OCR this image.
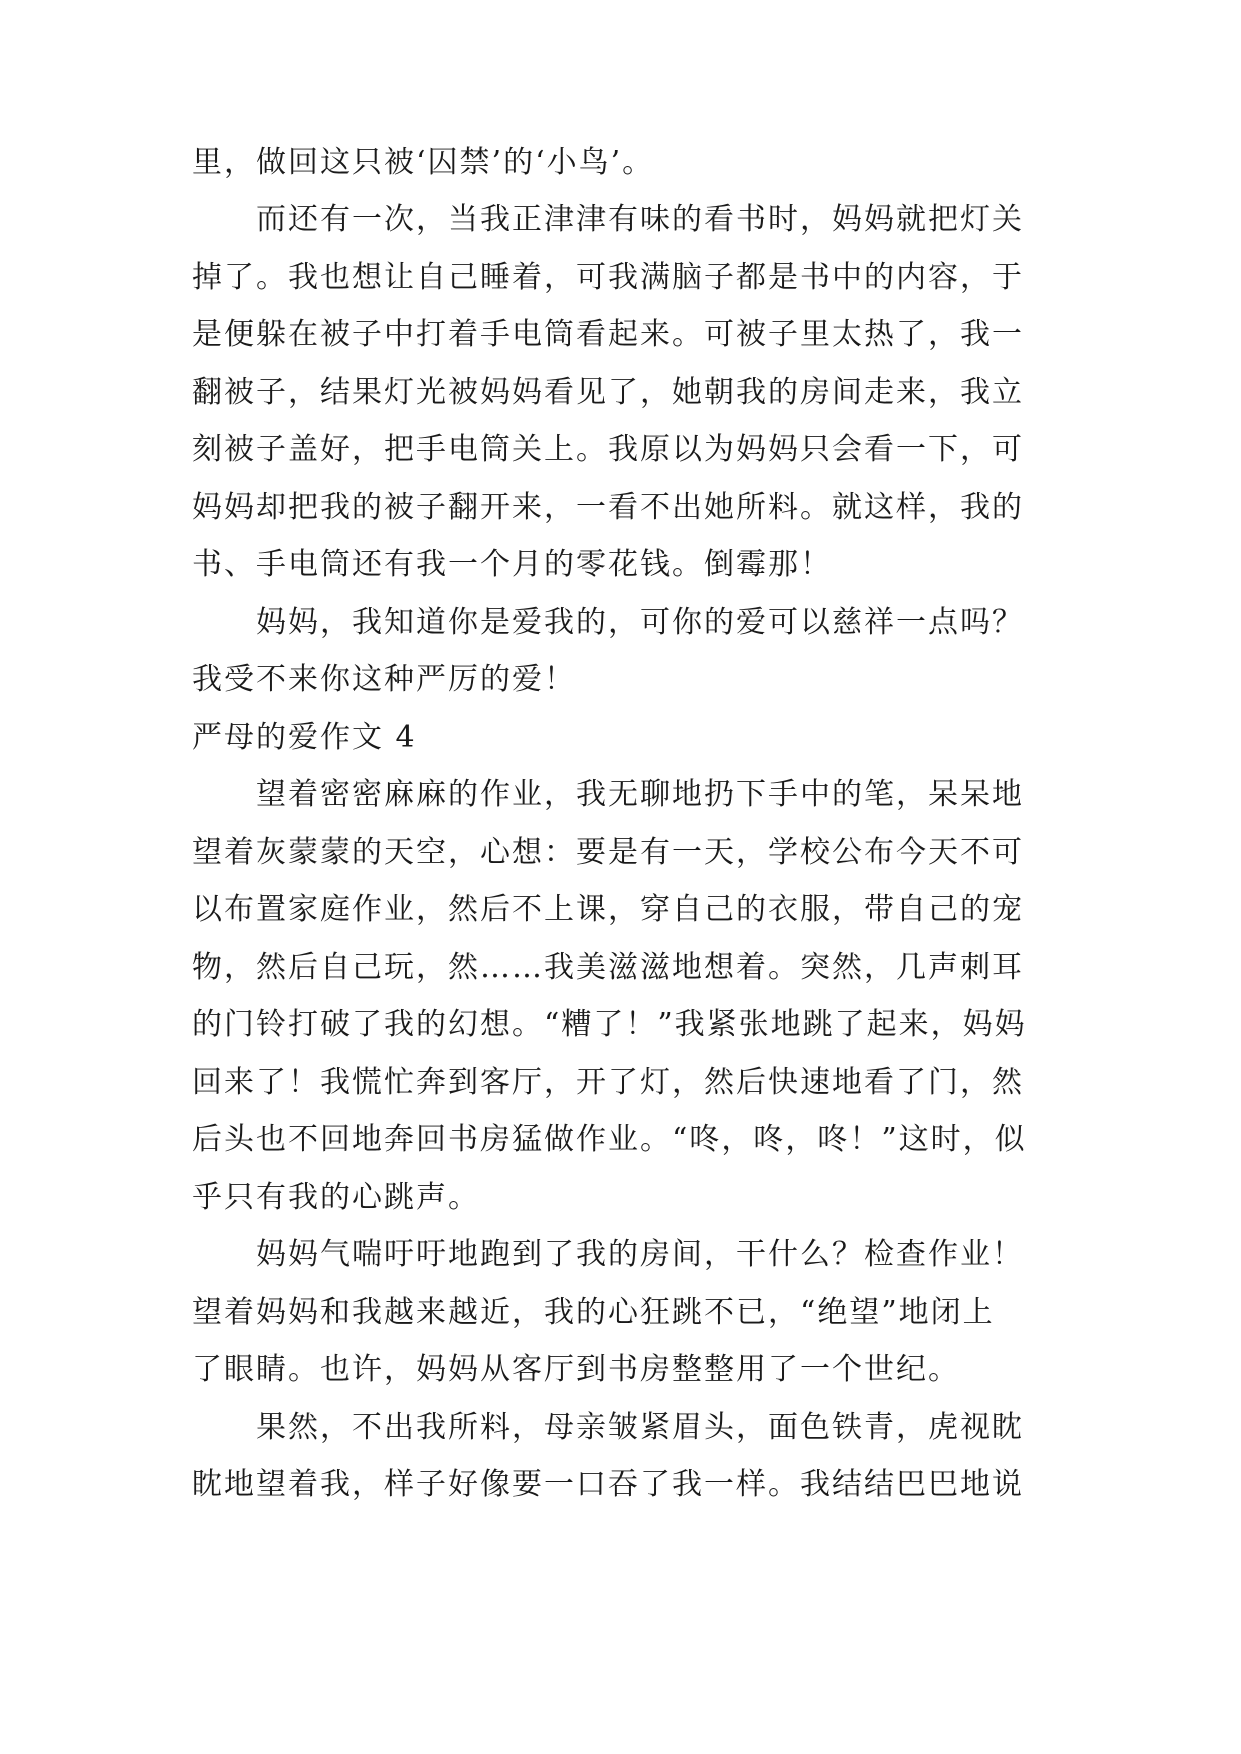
里，做回这只被‘囚禁’的‘小鸟’。
而还有一次，当我正津津有味的看书时，妈妈就把灯关
掉了。我也想让自己睡着，可我满脑子都是书中的内容，于
是便躲在被子中打着手电筒看起来。可被子里太热了，我一
翻被子，结果灯光被妈妈看见了，她朝我的房间走来，我立
刻被子盖好，把手电筒关上。我原以为妈妈只会看一下，可
妈妈却把我的被子翻开来，一看不出她所料。就这样，我的
书、手电筒还有我一个月的零花钱。倒霉那！
妈妈，我知道你是爱我的，可你的爱可以慈祥一点吗？
我受不来你这种严厉的爱！
严母的爱作文 4
望着密密麻麻的作业，我无聊地扔下手中的笔，呆呆地
望着灰蒙蒙的天空，心想：要是有一天，学校公布今天不可
以布置家庭作业，然后不上课，穿自己的衣服，带自己的宠
物，然后自己玩，然……我美滋滋地想着。突然，几声刺耳
的门铃打破了我的幻想。“糟了！”我紧张地跳了起来，妈妈
回来了！我慌忙奔到客厅，开了灯，然后快速地看了门，然
后头也不回地奔回书房猛做作业。“咚，咚，咚！”这时，似
乎只有我的心跳声。
妈妈气喘吁吁地跑到了我的房间，干什么？检查作业！
望着妈妈和我越来越近，我的心狂跳不已，“绝望”地闭上
了眼睛。也许，妈妈从客厅到书房整整用了一个世纪。
果然，不出我所料，母亲皱紧眉头，面色铁青，虎视眈
眈地望着我，样子好像要一口吞了我一样。我结结巴巴地说
